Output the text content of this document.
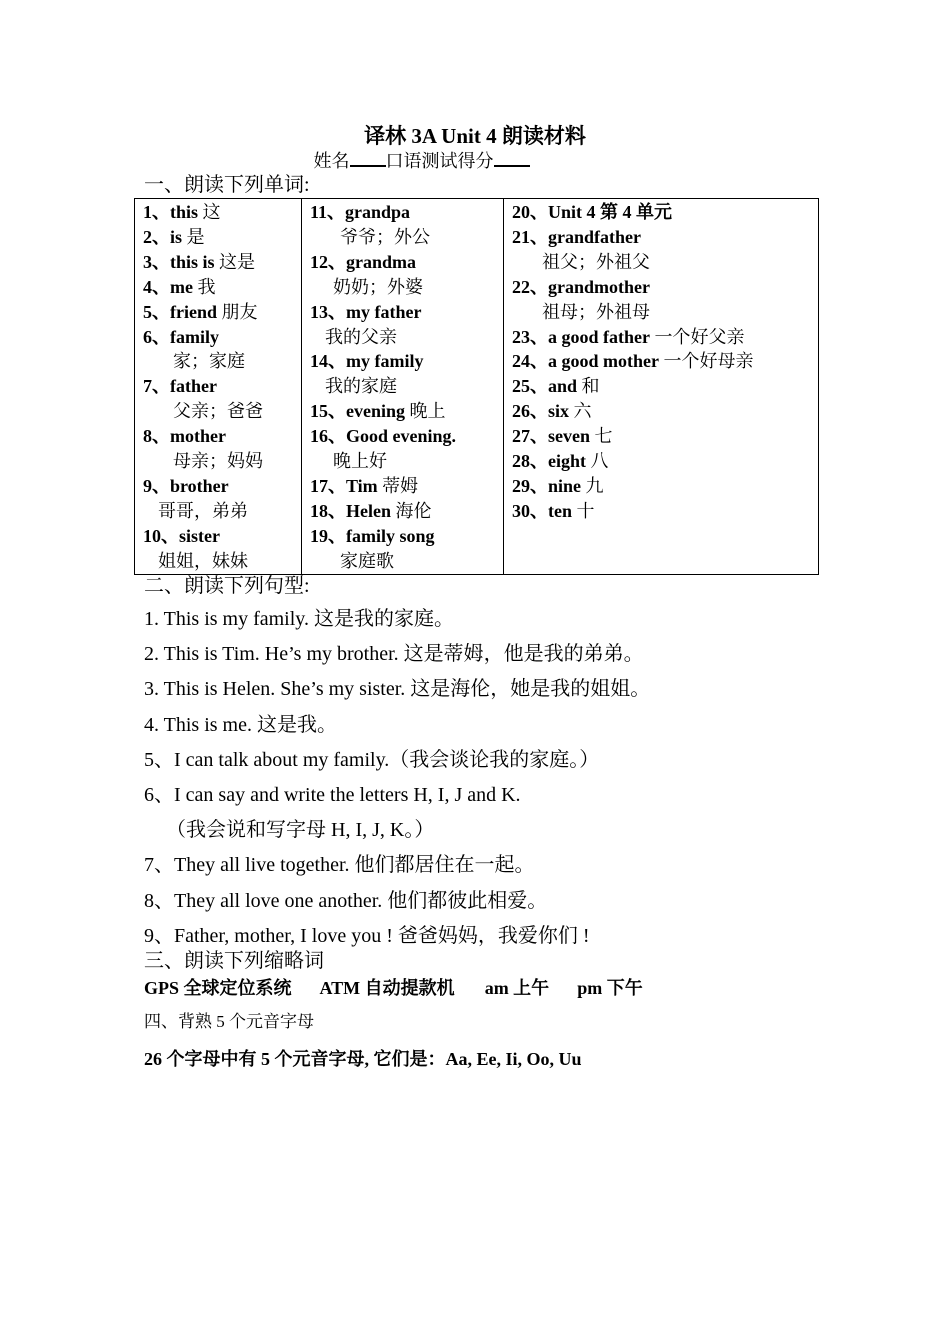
译林 3A Unit 4 朗读材料
姓名 口语测试得分
一、朗读下列单词:
1、this 这
2、is 是
3、this is 这是
4、me 我
5、friend 朋友
6、family
家；家庭
7、father
父亲；爸爸
8、mother
母亲；妈妈
9、brother
哥哥，弟弟
10、sister
姐姐，妹妹

11、grandpa
爷爷；外公
12、grandma
奶奶；外婆
13、my father
我的父亲
14、my family
我的家庭
15、evening 晚上
16、Good evening.
晚上好
17、Tim 蒂姆
18、Helen 海伦
19、family song
家庭歌

20、Unit 4 第 4 单元
21、grandfather
祖父；外祖父
22、grandmother
祖母；外祖母
23、a good father 一个好父亲
24、a good mother 一个好母亲
25、and 和
26、six 六
27、seven 七
28、eight 八
29、nine 九
30、ten 十
二、朗读下列句型:
1. This is my family. 这是我的家庭。
2. This is Tim. He’s my brother. 这是蒂姆，他是我的弟弟。
3. This is Helen. She’s my sister. 这是海伦，她是我的姐姐。
4. This is me. 这是我。
5、I can talk about my family.（我会谈论我的家庭。）
6、I can say and write the letters H, I, J and K.
（我会说和写字母 H, I, J, K。）
7、They all live together. 他们都居住在一起。
8、They all love one another. 他们都彼此相爱。
9、Father, mother, I love you ! 爸爸妈妈，我爱你们 !
三、朗读下列缩略词
GPS 全球定位系统 ATM 自动提款机 am 上午 pm 下午
四、背熟 5 个元音字母
26 个字母中有 5 个元音字母, 它们是：Aa, Ee, Ii, Oo, Uu
